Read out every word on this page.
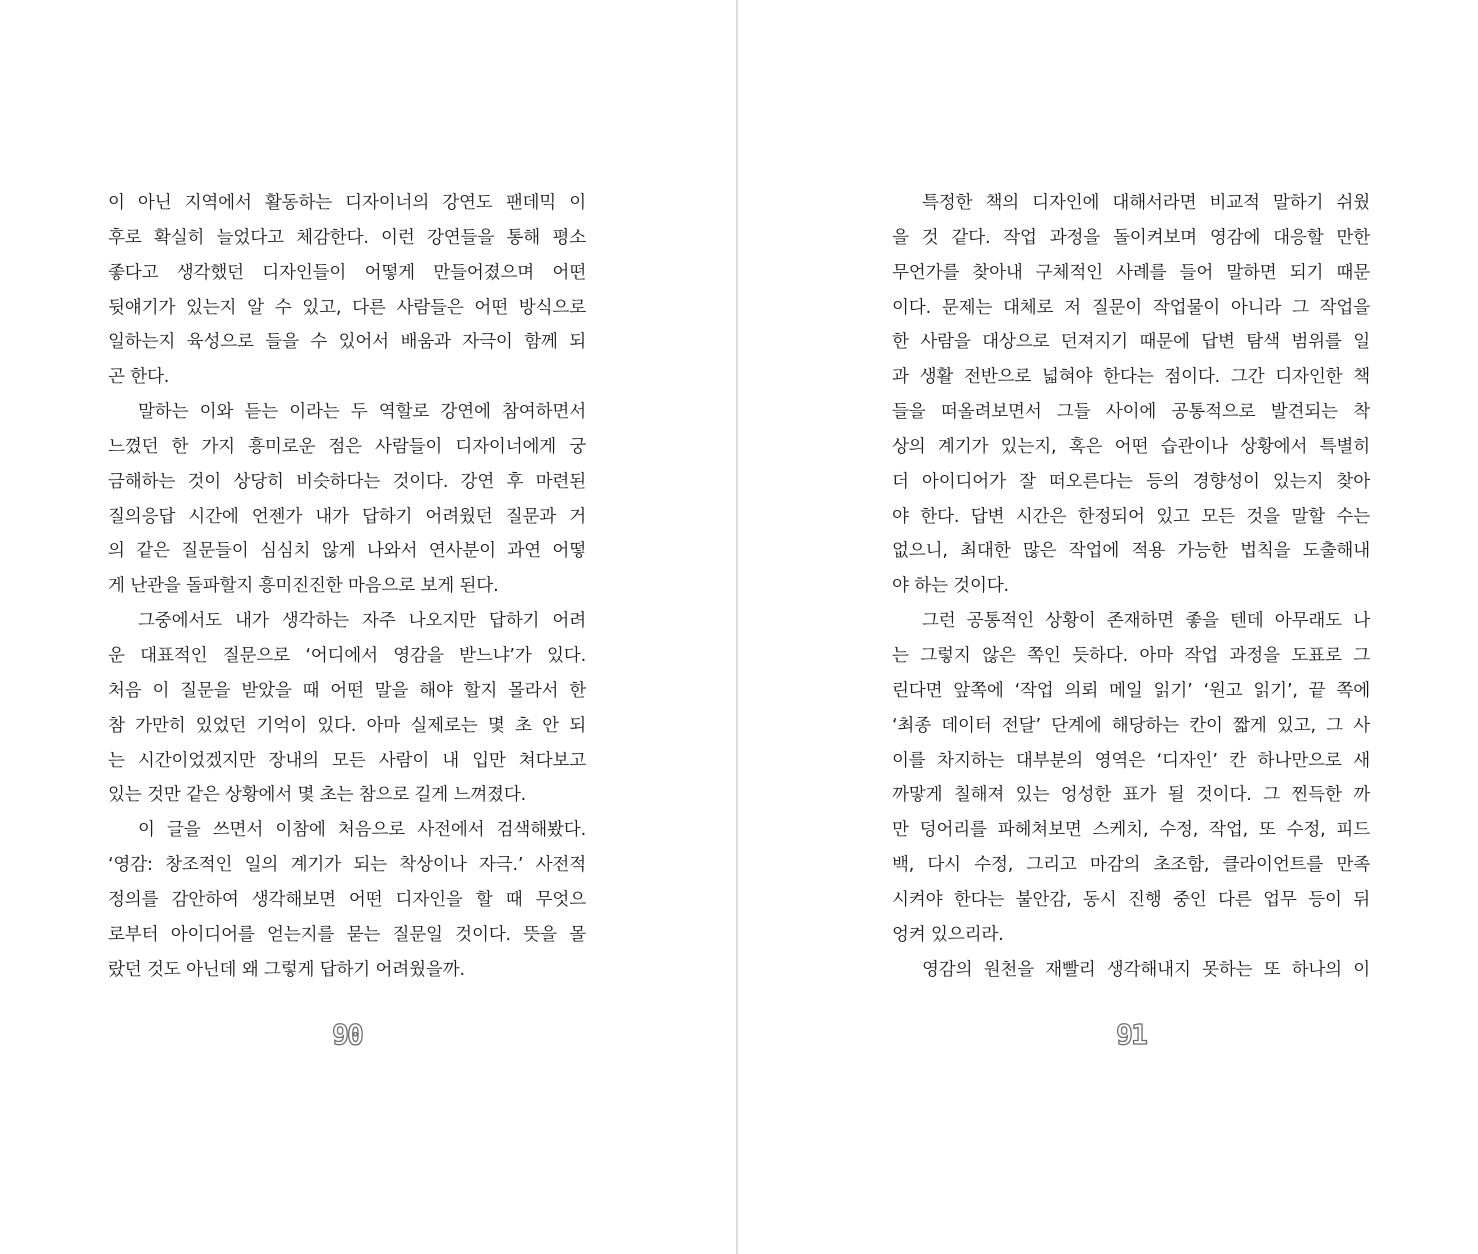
이 아닌 지역에서 활동하는 디자이너의 강연도 팬데믹 이
후로 확실히 늘었다고 체감한다. 이런 강연들을 통해 평소
좋다고 생각했던 디자인들이 어떻게 만들어졌으며 어떤
뒷얘기가 있는지 알 수 있고, 다른 사람들은 어떤 방식으로
일하는지 육성으로 들을 수 있어서 배움과 자극이 함께 되
곤 한다.
말하는 이와 듣는 이라는 두 역할로 강연에 참여하면서
느꼈던 한 가지 흥미로운 점은 사람들이 디자이너에게 궁
금해하는 것이 상당히 비슷하다는 것이다. 강연 후 마련된
질의응답 시간에 언젠가 내가 답하기 어려웠던 질문과 거
의 같은 질문들이 심심치 않게 나와서 연사분이 과연 어떻
게 난관을 돌파할지 흥미진진한 마음으로 보게 된다.
그중에서도 내가 생각하는 자주 나오지만 답하기 어려
운 대표적인 질문으로 ‘어디에서 영감을 받느냐’가 있다.
처음 이 질문을 받았을 때 어떤 말을 해야 할지 몰라서 한
참 가만히 있었던 기억이 있다. 아마 실제로는 몇 초 안 되
는 시간이었겠지만 장내의 모든 사람이 내 입만 쳐다보고
있는 것만 같은 상황에서 몇 초는 참으로 길게 느껴졌다.
이 글을 쓰면서 이참에 처음으로 사전에서 검색해봤다.
‘영감: 창조적인 일의 계기가 되는 착상이나 자극.’ 사전적
정의를 감안하여 생각해보면 어떤 디자인을 할 때 무엇으
로부터 아이디어를 얻는지를 묻는 질문일 것이다. 뜻을 몰
랐던 것도 아닌데 왜 그렇게 답하기 어려웠을까.
90
특정한 책의 디자인에 대해서라면 비교적 말하기 쉬웠
을 것 같다. 작업 과정을 돌이켜보며 영감에 대응할 만한
무언가를 찾아내 구체적인 사례를 들어 말하면 되기 때문
이다. 문제는 대체로 저 질문이 작업물이 아니라 그 작업을
한 사람을 대상으로 던져지기 때문에 답변 탐색 범위를 일
과 생활 전반으로 넓혀야 한다는 점이다. 그간 디자인한 책
들을 떠올려보면서 그들 사이에 공통적으로 발견되는 착
상의 계기가 있는지, 혹은 어떤 습관이나 상황에서 특별히
더 아이디어가 잘 떠오른다는 등의 경향성이 있는지 찾아
야 한다. 답변 시간은 한정되어 있고 모든 것을 말할 수는
없으니, 최대한 많은 작업에 적용 가능한 법칙을 도출해내
야 하는 것이다.
그런 공통적인 상황이 존재하면 좋을 텐데 아무래도 나
는 그렇지 않은 쪽인 듯하다. 아마 작업 과정을 도표로 그
린다면 앞쪽에 ‘작업 의뢰 메일 읽기’ ‘원고 읽기’, 끝 쪽에
‘최종 데이터 전달’ 단계에 해당하는 칸이 짧게 있고, 그 사
이를 차지하는 대부분의 영역은 ‘디자인’ 칸 하나만으로 새
까맣게 칠해져 있는 엉성한 표가 될 것이다. 그 찐득한 까
만 덩어리를 파헤쳐보면 스케치, 수정, 작업, 또 수정, 피드
백, 다시 수정, 그리고 마감의 초조함, 클라이언트를 만족
시켜야 한다는 불안감, 동시 진행 중인 다른 업무 등이 뒤
엉켜 있으리라.
영감의 원천을 재빨리 생각해내지 못하는 또 하나의 이
91
